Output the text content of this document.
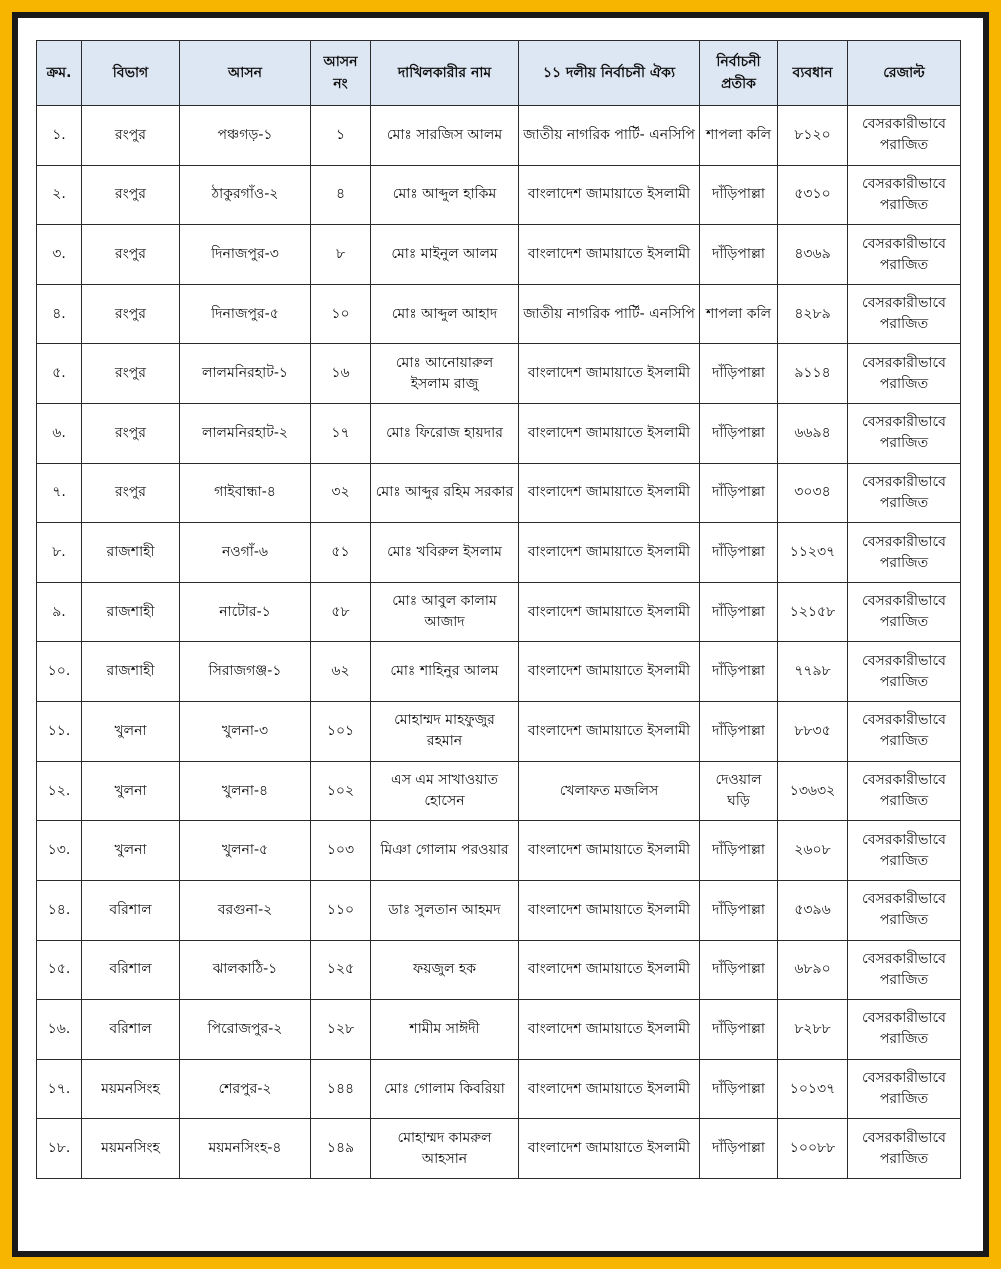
ক্রম.	বিভাগ	আসন	আসন নং	দাখিলকারীর নাম	১১ দলীয় নির্বাচনী ঐক্য	নির্বাচনী প্রতীক	ব্যবধান	রেজাল্ট
১.	রংপুর	পঞ্চগড়-১	১	মোঃ সারজিস আলম	জাতীয় নাগরিক পার্টি- এনসিপি	শাপলা কলি	৮১২০	বেসরকারীভাবে পরাজিত
২.	রংপুর	ঠাকুরগাঁও-২	৪	মোঃ আব্দুল হাকিম	বাংলাদেশ জামায়াতে ইসলামী	দাঁড়িপাল্লা	৫৩১০	বেসরকারীভাবে পরাজিত
৩.	রংপুর	দিনাজপুর-৩	৮	মোঃ মাইনুল আলম	বাংলাদেশ জামায়াতে ইসলামী	দাঁড়িপাল্লা	৪৩৬৯	বেসরকারীভাবে পরাজিত
৪.	রংপুর	দিনাজপুর-৫	১০	মোঃ আব্দুল আহাদ	জাতীয় নাগরিক পার্টি- এনসিপি	শাপলা কলি	৪২৮৯	বেসরকারীভাবে পরাজিত
৫.	রংপুর	লালমনিরহাট-১	১৬	মোঃ আনোয়ারুল ইসলাম রাজু	বাংলাদেশ জামায়াতে ইসলামী	দাঁড়িপাল্লা	৯১১৪	বেসরকারীভাবে পরাজিত
৬.	রংপুর	লালমনিরহাট-২	১৭	মোঃ ফিরোজ হায়দার	বাংলাদেশ জামায়াতে ইসলামী	দাঁড়িপাল্লা	৬৬৯৪	বেসরকারীভাবে পরাজিত
৭.	রংপুর	গাইবান্ধা-৪	৩২	মোঃ আব্দুর রহিম সরকার	বাংলাদেশ জামায়াতে ইসলামী	দাঁড়িপাল্লা	৩০৩৪	বেসরকারীভাবে পরাজিত
৮.	রাজশাহী	নওগাঁ-৬	৫১	মোঃ খবিরুল ইসলাম	বাংলাদেশ জামায়াতে ইসলামী	দাঁড়িপাল্লা	১১২৩৭	বেসরকারীভাবে পরাজিত
৯.	রাজশাহী	নাটোর-১	৫৮	মোঃ আবুল কালাম আজাদ	বাংলাদেশ জামায়াতে ইসলামী	দাঁড়িপাল্লা	১২১৫৮	বেসরকারীভাবে পরাজিত
১০.	রাজশাহী	সিরাজগঞ্জ-১	৬২	মোঃ শাহিনুর আলম	বাংলাদেশ জামায়াতে ইসলামী	দাঁড়িপাল্লা	৭৭৯৮	বেসরকারীভাবে পরাজিত
১১.	খুলনা	খুলনা-৩	১০১	মোহাম্মদ মাহফুজুর রহমান	বাংলাদেশ জামায়াতে ইসলামী	দাঁড়িপাল্লা	৮৮৩৫	বেসরকারীভাবে পরাজিত
১২.	খুলনা	খুলনা-৪	১০২	এস এম সাখাওয়াত হোসেন	খেলাফত মজলিস	দেওয়াল ঘড়ি	১৩৬৩২	বেসরকারীভাবে পরাজিত
১৩.	খুলনা	খুলনা-৫	১০৩	মিঞা গোলাম পরওয়ার	বাংলাদেশ জামায়াতে ইসলামী	দাঁড়িপাল্লা	২৬০৮	বেসরকারীভাবে পরাজিত
১৪.	বরিশাল	বরগুনা-২	১১০	ডাঃ সুলতান আহমদ	বাংলাদেশ জামায়াতে ইসলামী	দাঁড়িপাল্লা	৫৩৯৬	বেসরকারীভাবে পরাজিত
১৫.	বরিশাল	ঝালকাঠি-১	১২৫	ফয়জুল হক	বাংলাদেশ জামায়াতে ইসলামী	দাঁড়িপাল্লা	৬৮৯০	বেসরকারীভাবে পরাজিত
১৬.	বরিশাল	পিরোজপুর-২	১২৮	শামীম সাঈদী	বাংলাদেশ জামায়াতে ইসলামী	দাঁড়িপাল্লা	৮২৮৮	বেসরকারীভাবে পরাজিত
১৭.	ময়মনসিংহ	শেরপুর-২	১৪৪	মোঃ গোলাম কিবরিয়া	বাংলাদেশ জামায়াতে ইসলামী	দাঁড়িপাল্লা	১০১৩৭	বেসরকারীভাবে পরাজিত
১৮.	ময়মনসিংহ	ময়মনসিংহ-৪	১৪৯	মোহাম্মদ কামরুল আহসান	বাংলাদেশ জামায়াতে ইসলামী	দাঁড়িপাল্লা	১০০৮৮	বেসরকারীভাবে পরাজিত
